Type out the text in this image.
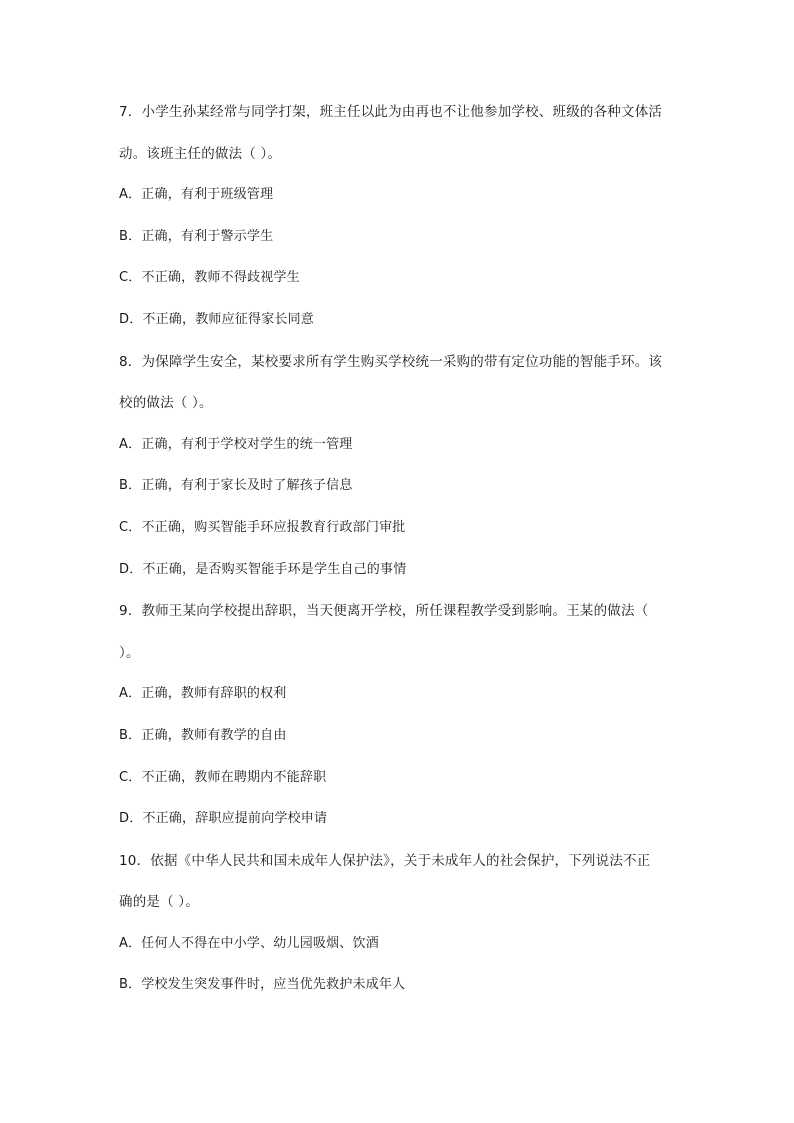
7．小学生孙某经常与同学打架，班主任以此为由再也不让他参加学校、班级的各种文体活
动。该班主任的做法（ ）。
A．正确，有利于班级管理
B．正确，有利于警示学生
C．不正确，教师不得歧视学生
D．不正确，教师应征得家长同意
8．为保障学生安全，某校要求所有学生购买学校统一采购的带有定位功能的智能手环。该
校的做法（ ）。
A．正确，有利于学校对学生的统一管理
B．正确，有利于家长及时了解孩子信息
C．不正确，购买智能手环应报教育行政部门审批
D．不正确，是否购买智能手环是学生自己的事情
9．教师王某向学校提出辞职，当天便离开学校，所任课程教学受到影响。王某的做法（
）。
A．正确，教师有辞职的权利
B．正确，教师有教学的自由
C．不正确，教师在聘期内不能辞职
D．不正确，辞职应提前向学校申请
10．依据《中华人民共和国未成年人保护法》，关于未成年人的社会保护，下列说法不正
确的是（ ）。
A．任何人不得在中小学、幼儿园吸烟、饮酒
B．学校发生突发事件时，应当优先救护未成年人
